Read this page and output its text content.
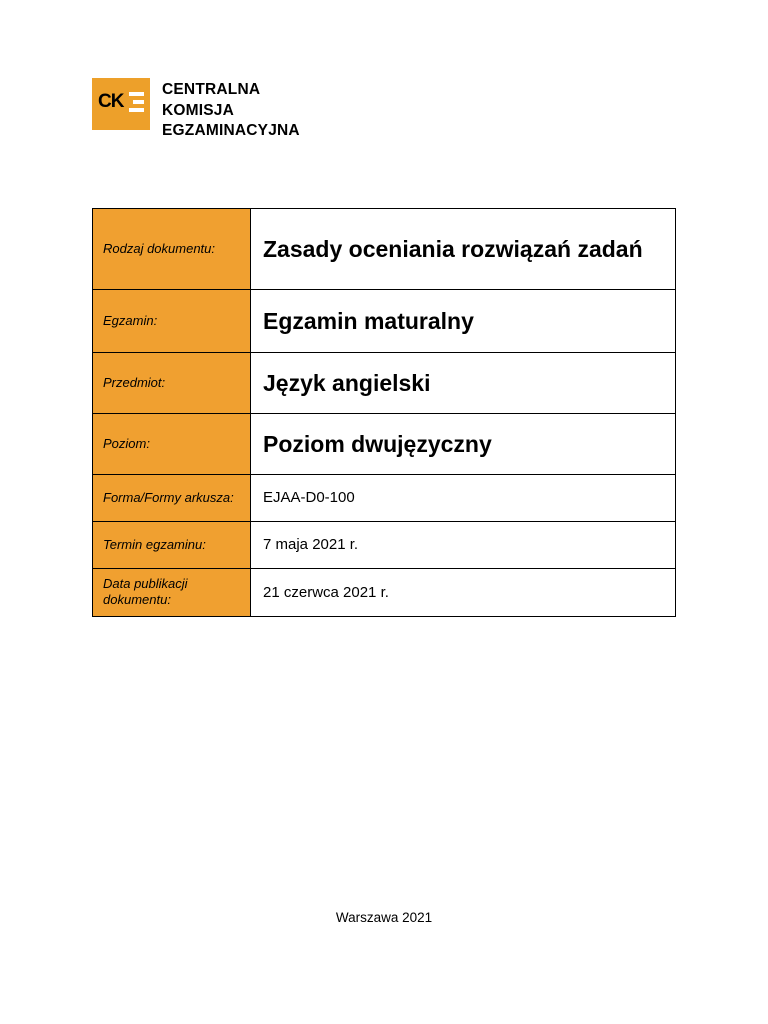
CK
CENTRALNA
KOMISJA
EGZAMINACYJNA
Rodzaj dokumentu:	Zasady oceniania rozwiązań zadań

Egzamin:	Egzamin maturalny

Przedmiot:	Język angielski

Poziom:	Poziom dwujęzyczny

Forma/Formy arkusza:	EJAA-D0-100

Termin egzaminu:	7 maja 2021 r.

Data publikacji dokumentu:	21 czerwca 2021 r.
Warszawa 2021
